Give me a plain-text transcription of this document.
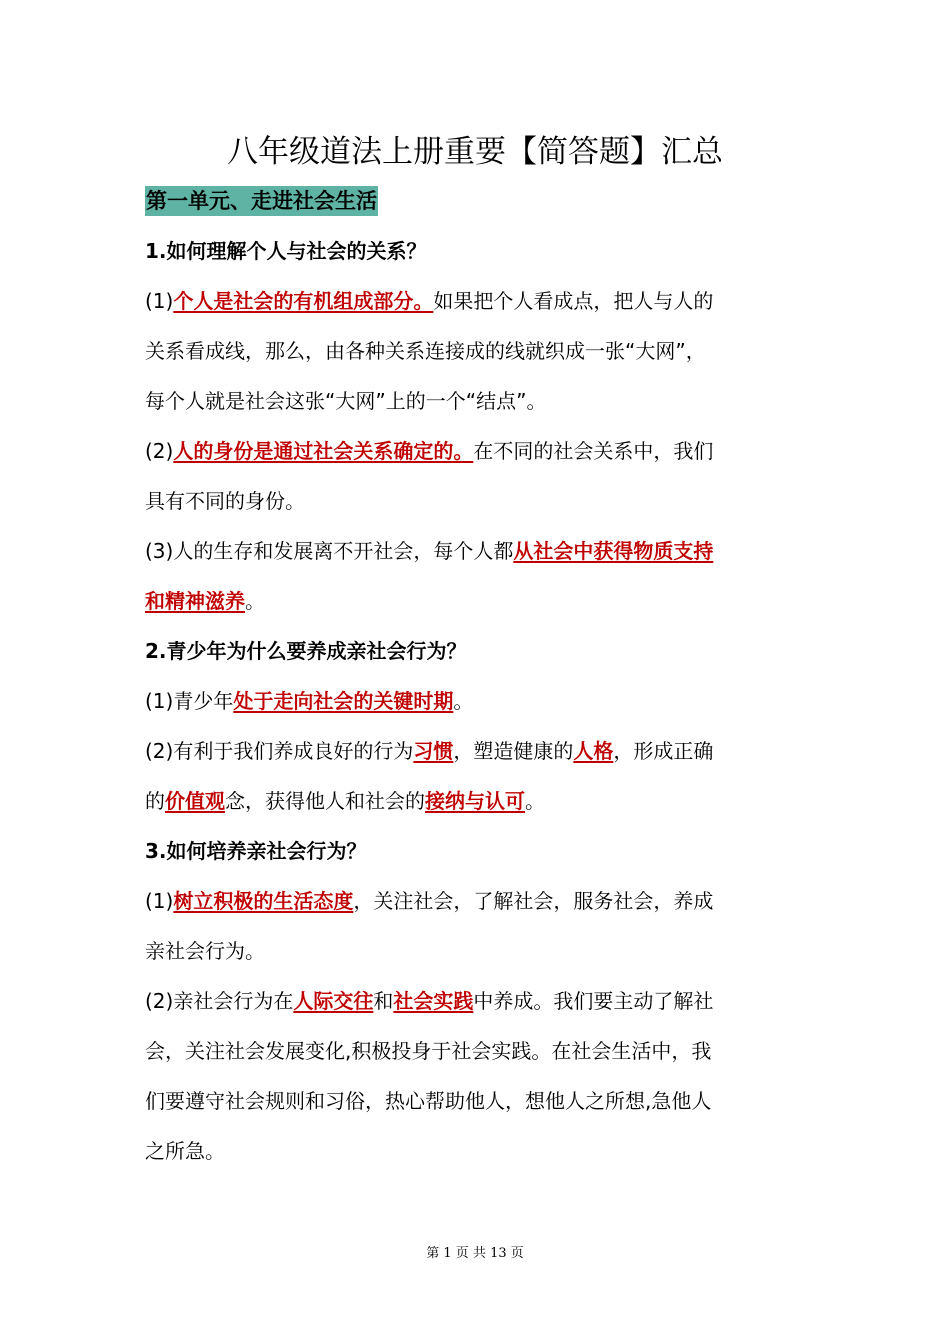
八年级道法上册重要【简答题】汇总
第一单元、走进社会生活
1.如何理解个人与社会的关系？
(1)个人是社会的有机组成部分。如果把个人看成点，把人与人的
关系看成线，那么，由各种关系连接成的线就织成一张“大网”，
每个人就是社会这张“大网”上的一个“结点”。
(2)人的身份是通过社会关系确定的。在不同的社会关系中，我们
具有不同的身份。
(3)人的生存和发展离不开社会，每个人都从社会中获得物质支持
和精神滋养。
2.青少年为什么要养成亲社会行为？
(1)青少年处于走向社会的关键时期。
(2)有利于我们养成良好的行为习惯，塑造健康的人格，形成正确
的价值观念，获得他人和社会的接纳与认可。
3.如何培养亲社会行为？
(1)树立积极的生活态度，关注社会，了解社会，服务社会，养成
亲社会行为。
(2)亲社会行为在人际交往和社会实践中养成。我们要主动了解社
会，关注社会发展变化,积极投身于社会实践。在社会生活中，我
们要遵守社会规则和习俗，热心帮助他人，想他人之所想,急他人
之所急。
第 1 页 共 13 页
